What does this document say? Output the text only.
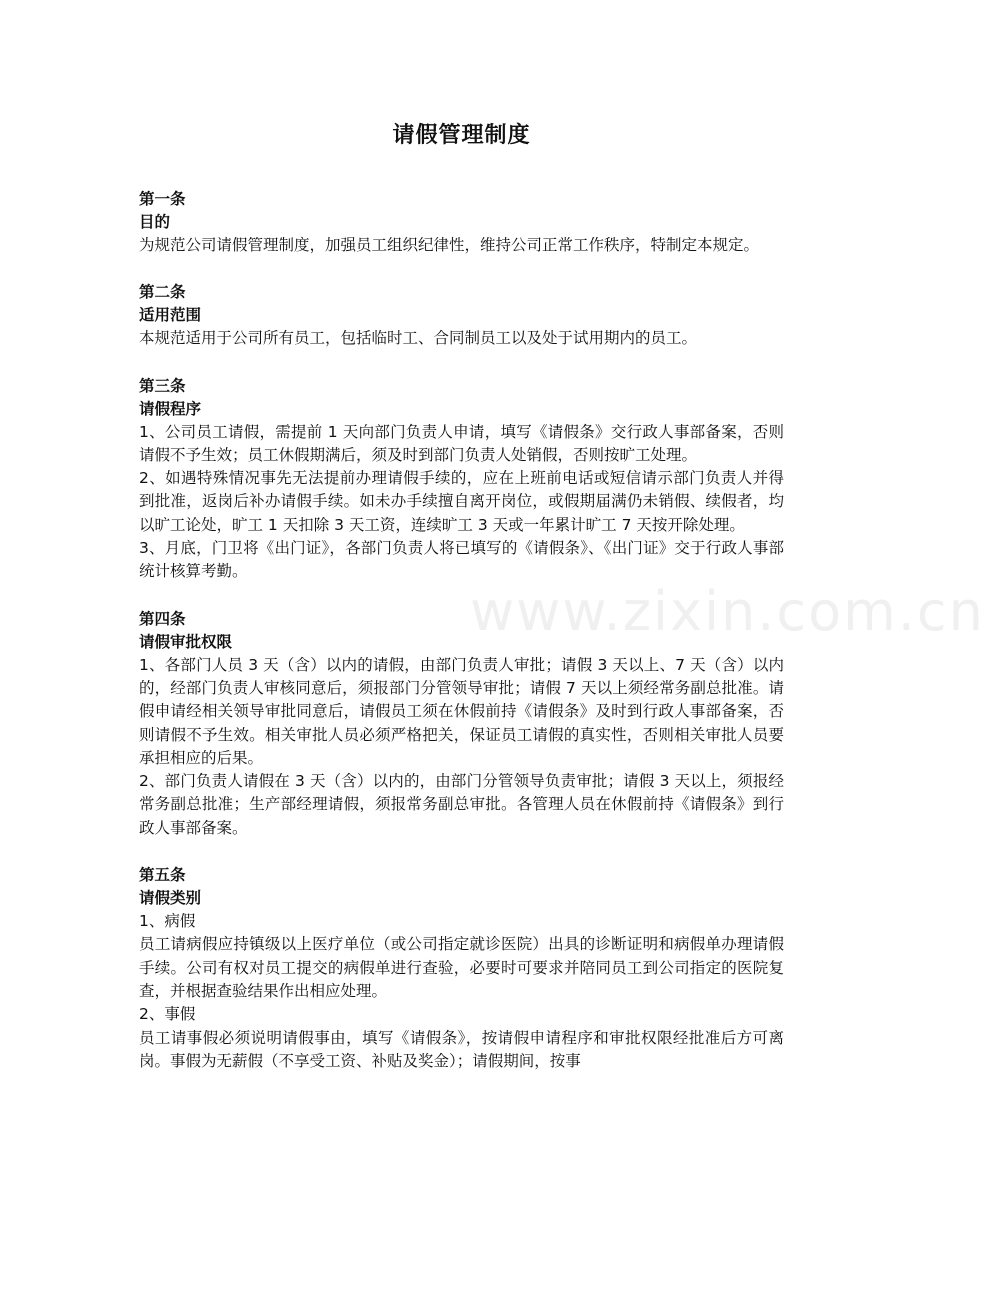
请假管理制度
第一条
目的

为规范公司请假管理制度，加强员工组织纪律性，维持公司正常工作秩序，特制定本规定。

第二条
适用范围

本规范适用于公司所有员工，包括临时工、合同制员工以及处于试用期内的员工。

第三条
请假程序

1、公司员工请假，需提前 1 天向部门负责人申请，填写《请假条》交行政人事部备案，否则请假不予生效；员工休假期满后，须及时到部门负责人处销假，否则按旷工处理。

2、如遇特殊情况事先无法提前办理请假手续的，应在上班前电话或短信请示部门负责人并得到批准，返岗后补办请假手续。如未办手续擅自离开岗位，或假期届满仍未销假、续假者，均以旷工论处，旷工 1 天扣除 3 天工资，连续旷工 3 天或一年累计旷工 7 天按开除处理。

3、月底，门卫将《出门证》，各部门负责人将已填写的《请假条》、《出门证》交于行政人事部统计核算考勤。

第四条
请假审批权限

1、各部门人员 3 天（含）以内的请假，由部门负责人审批；请假 3 天以上、7 天（含）以内的，经部门负责人审核同意后，须报部门分管领导审批；请假 7 天以上须经常务副总批准。请假申请经相关领导审批同意后，请假员工须在休假前持《请假条》及时到行政人事部备案，否则请假不予生效。相关审批人员必须严格把关，保证员工请假的真实性，否则相关审批人员要承担相应的后果。

2、部门负责人请假在 3 天（含）以内的，由部门分管领导负责审批；请假 3 天以上，须报经常务副总批准；生产部经理请假，须报常务副总审批。各管理人员在休假前持《请假条》到行政人事部备案。

第五条
请假类别

1、病假

员工请病假应持镇级以上医疗单位（或公司指定就诊医院）出具的诊断证明和病假单办理请假手续。公司有权对员工提交的病假单进行查验，必要时可要求并陪同员工到公司指定的医院复查，并根据查验结果作出相应处理。

2、事假

员工请事假必须说明请假事由，填写《请假条》，按请假申请程序和审批权限经批准后方可离岗。事假为无薪假（不享受工资、补贴及奖金）；请假期间，按事

www.zixin.com.cn
